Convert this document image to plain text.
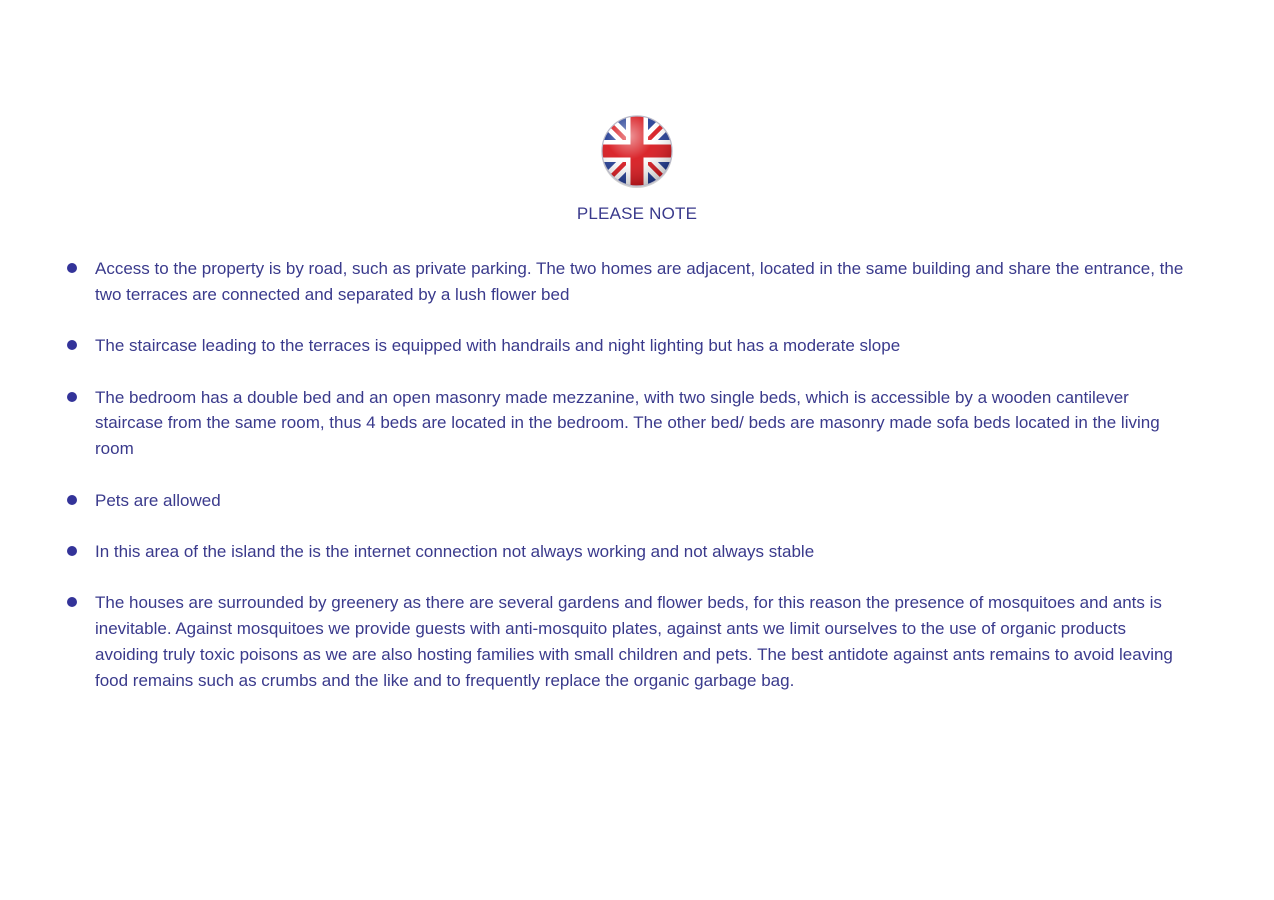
PLEASE NOTE
Access to the property is by road, such as private parking. The two homes are adjacent, located in the same building and share the entrance, the two terraces are connected and separated by a lush flower bed
The staircase leading to the terraces is equipped with handrails and night lighting but has a moderate slope
The bedroom has a double bed and an open masonry made mezzanine, with two single beds, which is accessible by a wooden cantilever staircase from the same room, thus 4 beds are located in the bedroom. The other bed/ beds are masonry made sofa beds located in the living room
Pets are allowed
In this area of the island the is the internet connection not always working and not always stable
The houses are surrounded by greenery as there are several gardens and flower beds, for this reason the presence of mosquitoes and ants is inevitable. Against mosquitoes we provide guests with anti-mosquito plates, against ants we limit ourselves to the use of organic products avoiding truly toxic poisons as we are also hosting families with small children and pets. The best antidote against ants remains to avoid leaving food remains such as crumbs and the like and to frequently replace the organic garbage bag.
